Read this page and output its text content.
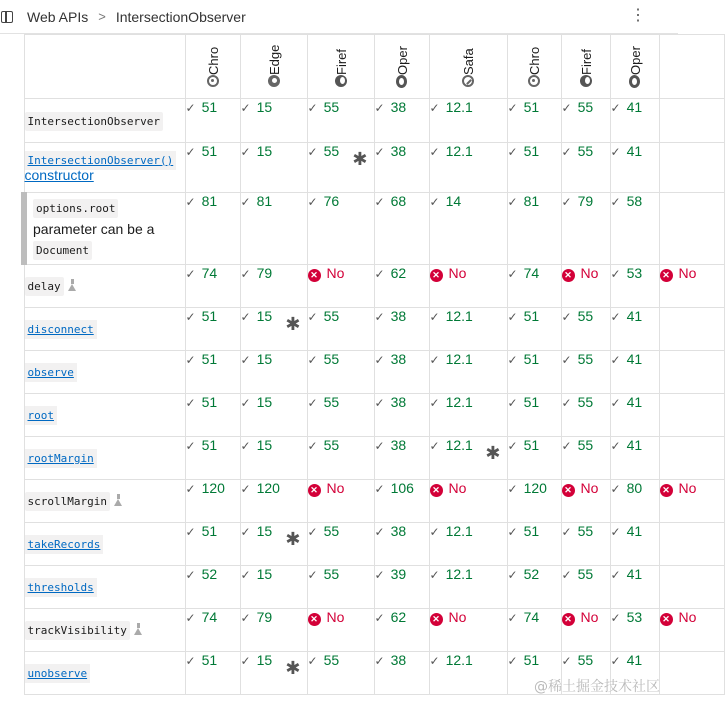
Web APIs > IntersectionObserver	⋮

	Chro	Edge	Firef	Oper	Safa	Chro	Firef	Oper	

IntersectionObserver	✓ 51	✓ 15	✓ 55	✓ 38	✓ 12.1	✓ 51	✓ 55	✓ 41	
IntersectionObserver()
constructor	✓ 51	✓ 15	✓ 55 ✱	✓ 38	✓ 12.1	✓ 51	✓ 55	✓ 41	
options.root
parameter can be a
Document	✓ 81	✓ 81	✓ 76	✓ 68	✓ 14	✓ 81	✓ 79	✓ 58	
delay	✓ 74	✓ 79	✕ No	✓ 62	✕ No	✓ 74	✕ No	✓ 53	✕ No
disconnect	✓ 51	✓ 15 ✱	✓ 55	✓ 38	✓ 12.1	✓ 51	✓ 55	✓ 41	
observe	✓ 51	✓ 15	✓ 55	✓ 38	✓ 12.1	✓ 51	✓ 55	✓ 41	
root	✓ 51	✓ 15	✓ 55	✓ 38	✓ 12.1	✓ 51	✓ 55	✓ 41	
rootMargin	✓ 51	✓ 15	✓ 55	✓ 38	✓ 12.1 ✱	✓ 51	✓ 55	✓ 41	
scrollMargin	✓ 120	✓ 120	✕ No	✓ 106	✕ No	✓ 120	✕ No	✓ 80	✕ No
takeRecords	✓ 51	✓ 15 ✱	✓ 55	✓ 38	✓ 12.1	✓ 51	✓ 55	✓ 41	
thresholds	✓ 52	✓ 15	✓ 55	✓ 39	✓ 12.1	✓ 52	✓ 55	✓ 41	
trackVisibility	✓ 74	✓ 79	✕ No	✓ 62	✕ No	✓ 74	✕ No	✓ 53	✕ No
unobserve	✓ 51	✓ 15 ✱	✓ 55	✓ 38	✓ 12.1	✓ 51	✓ 55	✓ 41	
@稀土掘金技术社区
